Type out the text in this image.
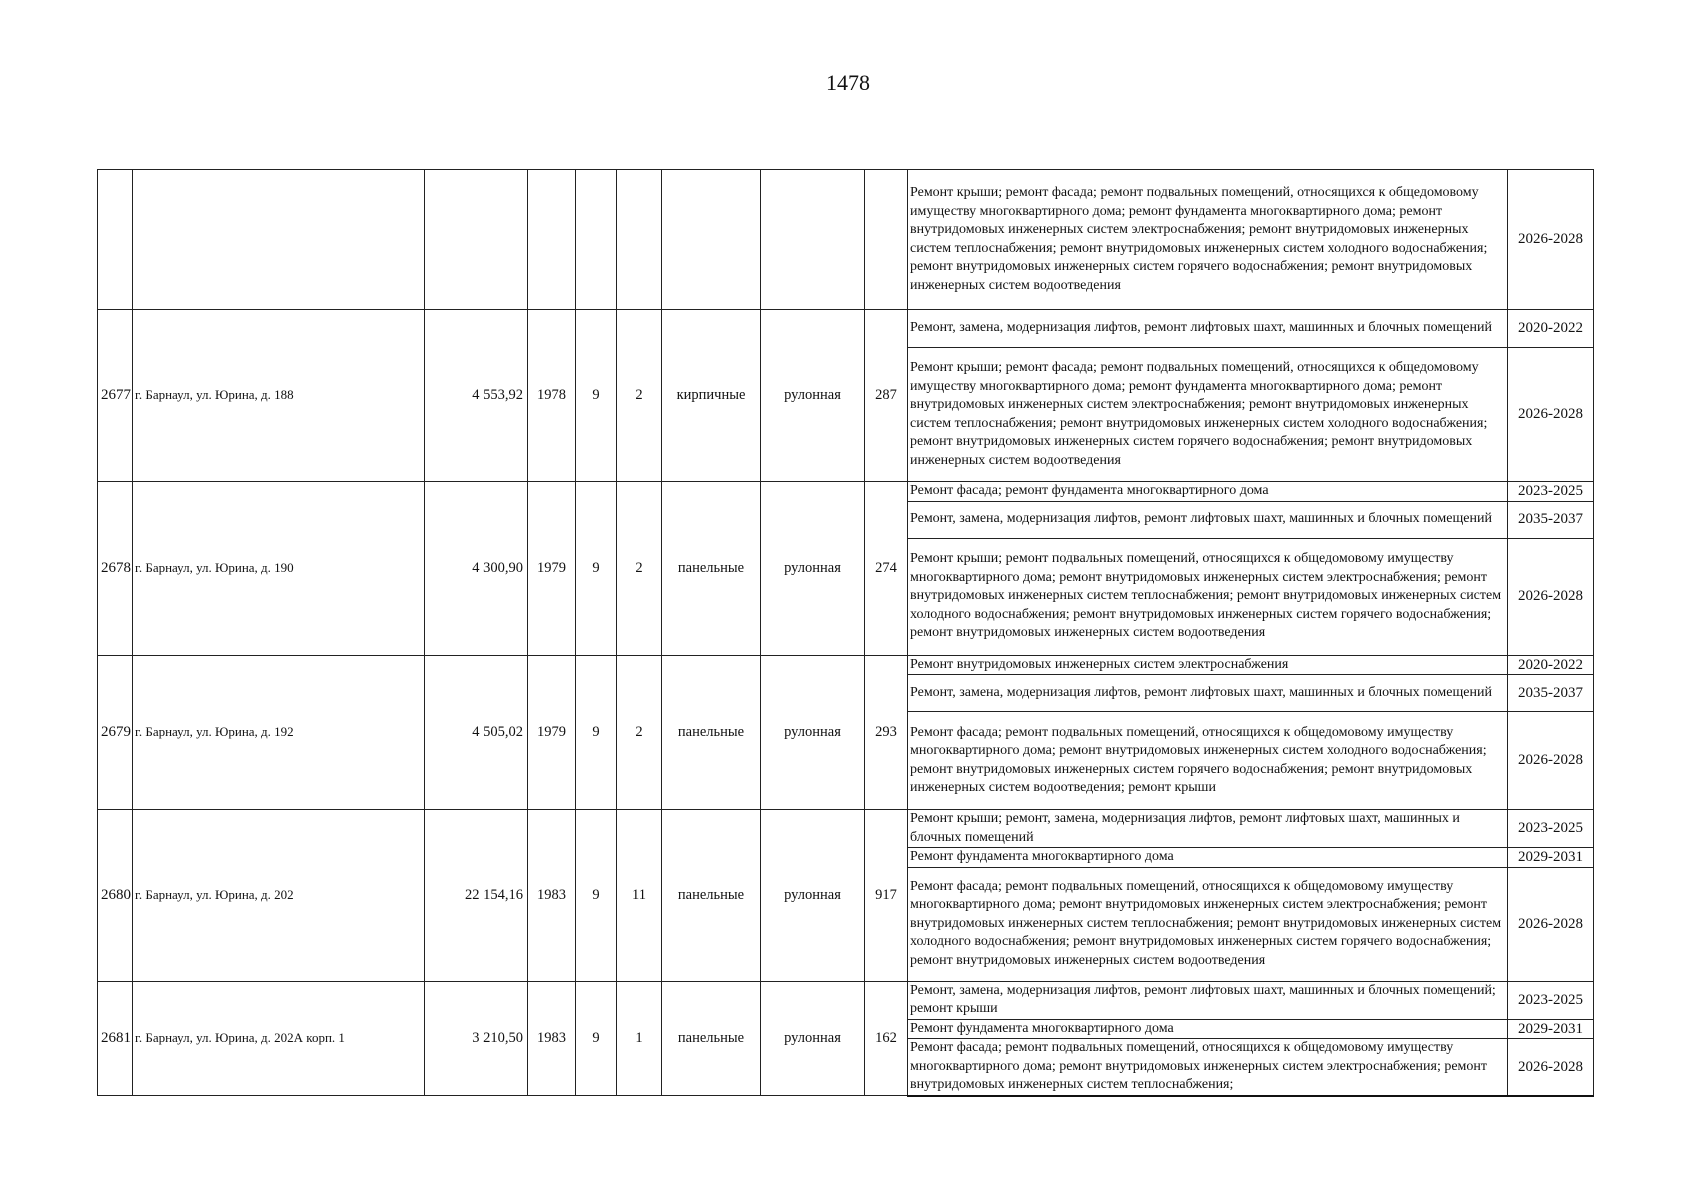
1478
									Ремонт крыши; ремонт фасада; ремонт подвальных помещений, относящихся к общедомовому имуществу многоквартирного дома; ремонт фундамента многоквартирного дома; ремонт внутридомовых инженерных систем электроснабжения; ремонт внутридомовых инженерных систем теплоснабжения; ремонт внутридомовых инженерных систем холодного водоснабжения; ремонт внутридомовых инженерных систем горячего водоснабжения; ремонт внутридомовых инженерных систем водоотведения	2026-2028
2677	г. Барнаул, ул. Юрина, д. 188	4 553,92	1978	9	2	кирпичные	рулонная	287	Ремонт, замена, модернизация лифтов, ремонт лифтовых шахт, машинных и блочных помещений	2020-2022
									Ремонт крыши; ремонт фасада; ремонт подвальных помещений, относящихся к общедомовому имуществу многоквартирного дома; ремонт фундамента многоквартирного дома; ремонт внутридомовых инженерных систем электроснабжения; ремонт внутридомовых инженерных систем теплоснабжения; ремонт внутридомовых инженерных систем холодного водоснабжения; ремонт внутридомовых инженерных систем горячего водоснабжения; ремонт внутридомовых инженерных систем водоотведения	2026-2028
2678	г. Барнаул, ул. Юрина, д. 190	4 300,90	1979	9	2	панельные	рулонная	274	Ремонт фасада; ремонт фундамента многоквартирного дома	2023-2025
									Ремонт, замена, модернизация лифтов, ремонт лифтовых шахт, машинных и блочных помещений	2035-2037
									Ремонт крыши; ремонт подвальных помещений, относящихся к общедомовому имуществу многоквартирного дома; ремонт внутридомовых инженерных систем электроснабжения; ремонт внутридомовых инженерных систем теплоснабжения; ремонт внутридомовых инженерных систем холодного водоснабжения; ремонт внутридомовых инженерных систем горячего водоснабжения; ремонт внутридомовых инженерных систем водоотведения	2026-2028
2679	г. Барнаул, ул. Юрина, д. 192	4 505,02	1979	9	2	панельные	рулонная	293	Ремонт внутридомовых инженерных систем электроснабжения	2020-2022
									Ремонт, замена, модернизация лифтов, ремонт лифтовых шахт, машинных и блочных помещений	2035-2037
									Ремонт фасада; ремонт подвальных помещений, относящихся к общедомовому имуществу многоквартирного дома; ремонт внутридомовых инженерных систем холодного водоснабжения; ремонт внутридомовых инженерных систем горячего водоснабжения; ремонт внутридомовых инженерных систем водоотведения; ремонт крыши	2026-2028
2680	г. Барнаул, ул. Юрина, д. 202	22 154,16	1983	9	11	панельные	рулонная	917	Ремонт крыши; ремонт, замена, модернизация лифтов, ремонт лифтовых шахт, машинных и блочных помещений	2023-2025
									Ремонт фундамента многоквартирного дома	2029-2031
									Ремонт фасада; ремонт подвальных помещений, относящихся к общедомовому имуществу многоквартирного дома; ремонт внутридомовых инженерных систем электроснабжения; ремонт внутридомовых инженерных систем теплоснабжения; ремонт внутридомовых инженерных систем холодного водоснабжения; ремонт внутридомовых инженерных систем горячего водоснабжения; ремонт внутридомовых инженерных систем водоотведения	2026-2028
2681	г. Барнаул, ул. Юрина, д. 202А корп. 1	3 210,50	1983	9	1	панельные	рулонная	162	Ремонт, замена, модернизация лифтов, ремонт лифтовых шахт, машинных и блочных помещений; ремонт крыши	2023-2025
									Ремонт фундамента многоквартирного дома	2029-2031
									Ремонт фасада; ремонт подвальных помещений, относящихся к общедомовому имуществу многоквартирного дома; ремонт внутридомовых инженерных систем электроснабжения; ремонт внутридомовых инженерных систем теплоснабжения;	2026-2028
